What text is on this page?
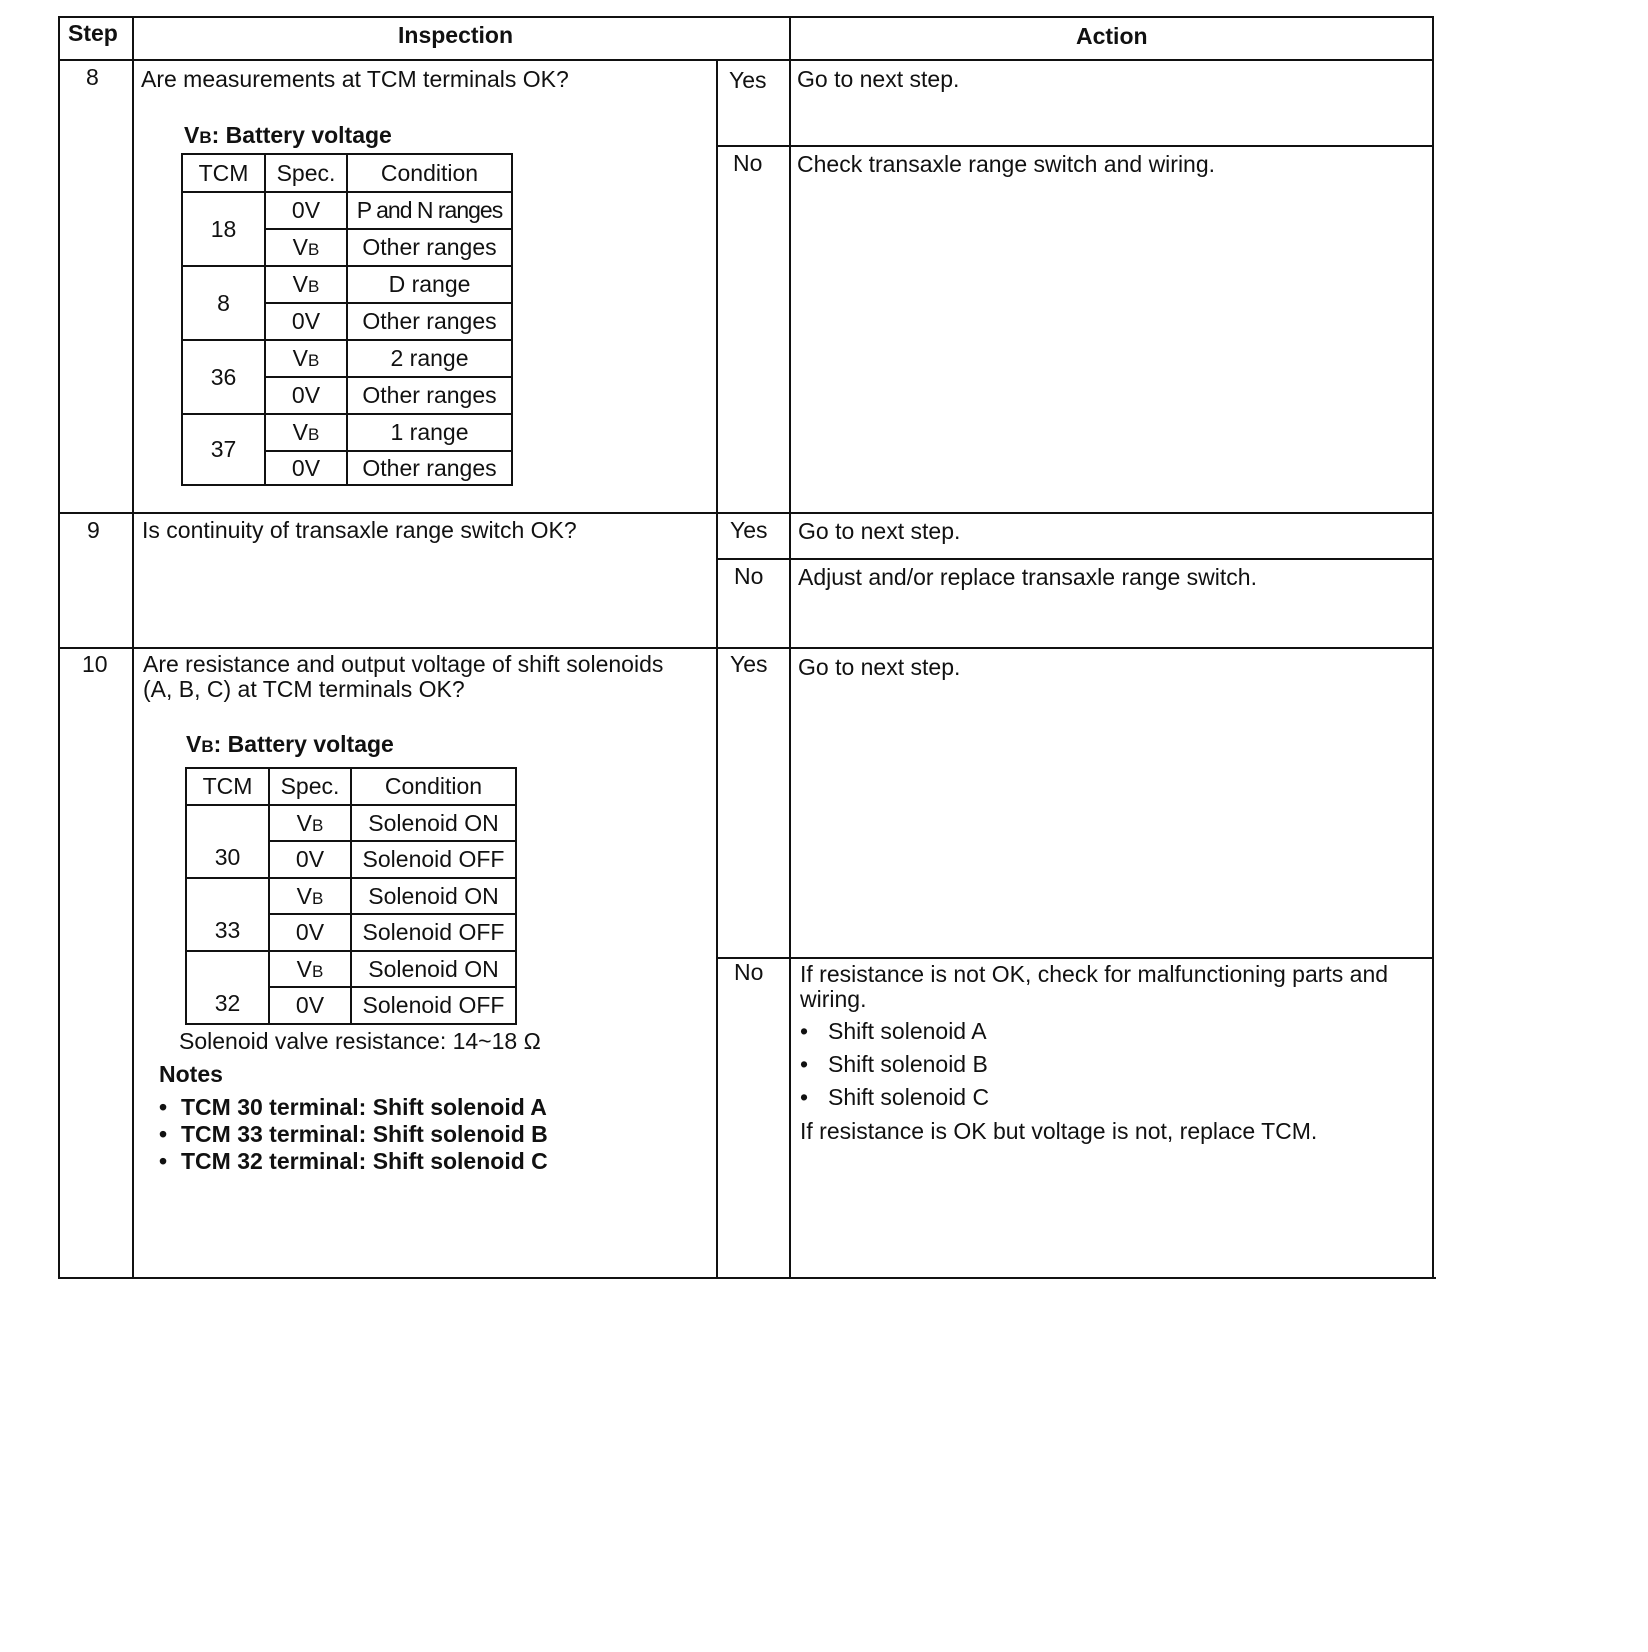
Step	Inspection	Action
8 Are measurements at TCM terminals OK?
VB: Battery voltage
TCM	Spec.	Condition
18	0V	P and N ranges
	VB	Other ranges
8	VB	D range
	0V	Other ranges
36	VB	2 range
	0V	Other ranges
37	VB	1 range
	0V	Other ranges
Yes Go to next step.
No Check transaxle range switch and wiring.
9 Is continuity of transaxle range switch OK?	Yes Go to next step.
No Adjust and/or replace transaxle range switch.
10 Are resistance and output voltage of shift solenoids
(A, B, C) at TCM terminals OK?
VB: Battery voltage
TCM	Spec.	Condition
30	VB	Solenoid ON
	0V	Solenoid OFF
33	VB	Solenoid ON
	0V	Solenoid OFF
32	VB	Solenoid ON
	0V	Solenoid OFF
Solenoid valve resistance: 14~18 Ω
Notes
• TCM 30 terminal: Shift solenoid A
• TCM 33 terminal: Shift solenoid B
• TCM 32 terminal: Shift solenoid C
Yes Go to next step.
No If resistance is not OK, check for malfunctioning parts and
wiring.
• Shift solenoid A
• Shift solenoid B
• Shift solenoid C
If resistance is OK but voltage is not, replace TCM.
